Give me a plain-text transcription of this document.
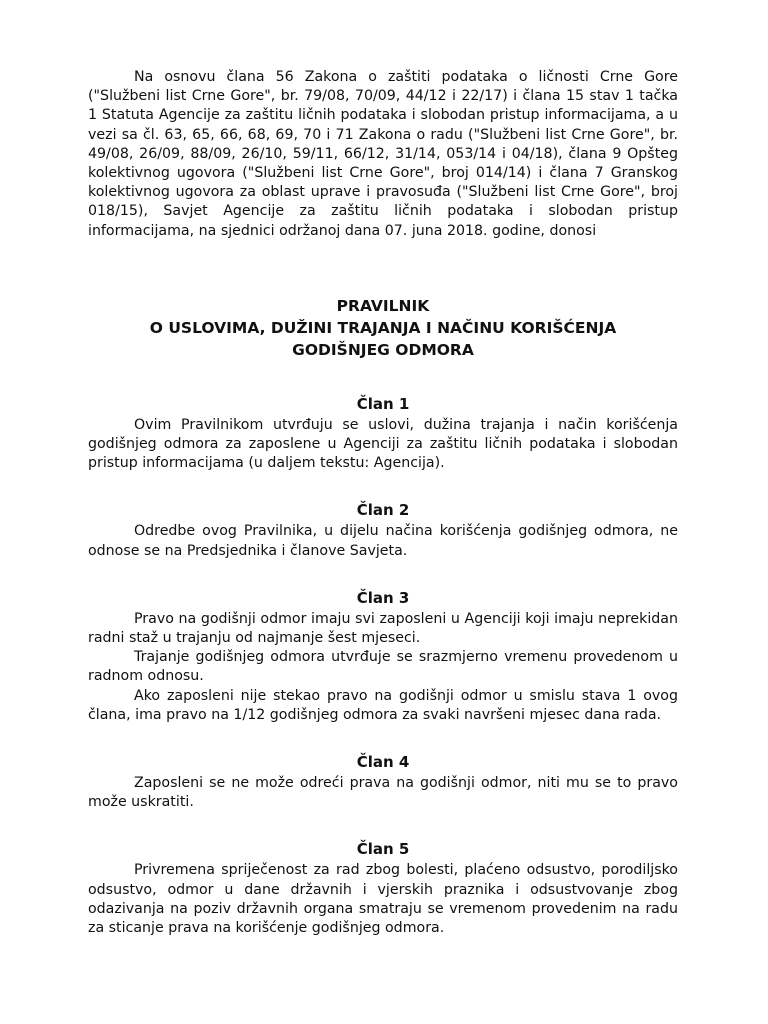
Na osnovu člana 56 Zakona o zaštiti podataka o ličnosti Crne Gore ("Službeni list Crne Gore", br. 79/08, 70/09, 44/12 i 22/17) i člana 15 stav 1 tačka 1 Statuta Agencije za zaštitu ličnih podataka i slobodan pristup informacijama, a u vezi sa čl. 63, 65, 66, 68, 69, 70 i 71 Zakona o radu ("Službeni list Crne Gore", br. 49/08, 26/09, 88/09, 26/10, 59/11, 66/12, 31/14, 053/14 i 04/18), člana 9 Opšteg kolektivnog ugovora ("Službeni list Crne Gore", broj 014/14) i člana 7 Granskog kolektivnog ugovora za oblast uprave i pravosuđa ("Službeni list Crne Gore", broj 018/15), Savjet Agencije za zaštitu ličnih podataka i slobodan pristup informacijama, na sjednici održanoj dana 07. juna 2018. godine, donosi

PRAVILNIK
O USLOVIMA, DUŽINI TRAJANJA I NAČINU KORIŠĆENJA
GODIŠNJEG ODMORA
Član 1

Ovim Pravilnikom utvrđuju se uslovi, dužina trajanja i način korišćenja godišnjeg odmora za zaposlene u Agenciji za zaštitu ličnih podataka i slobodan pristup informacijama (u daljem tekstu: Agencija).

Član 2

Odredbe ovog Pravilnika, u dijelu načina korišćenja godišnjeg odmora, ne odnose se na Predsjednika i članove Savjeta.

Član 3

Pravo na godišnji odmor imaju svi zaposleni u Agenciji koji imaju neprekidan radni staž u trajanju od najmanje šest mjeseci.

Trajanje godišnjeg odmora utvrđuje se srazmjerno vremenu provedenom u radnom odnosu.

Ako zaposleni nije stekao pravo na godišnji odmor u smislu stava 1 ovog člana, ima pravo na 1/12 godišnjeg odmora za svaki navršeni mjesec dana rada.

Član 4

Zaposleni se ne može odreći prava na godišnji odmor, niti mu se to pravo može uskratiti.

Član 5

Privremena spriječenost za rad zbog bolesti, plaćeno odsustvo, porodiljsko odsustvo, odmor u dane državnih i vjerskih praznika i odsustvovanje zbog odazivanja na poziv državnih organa smatraju se vremenom provedenim na radu za sticanje prava na korišćenje godišnjeg odmora.
